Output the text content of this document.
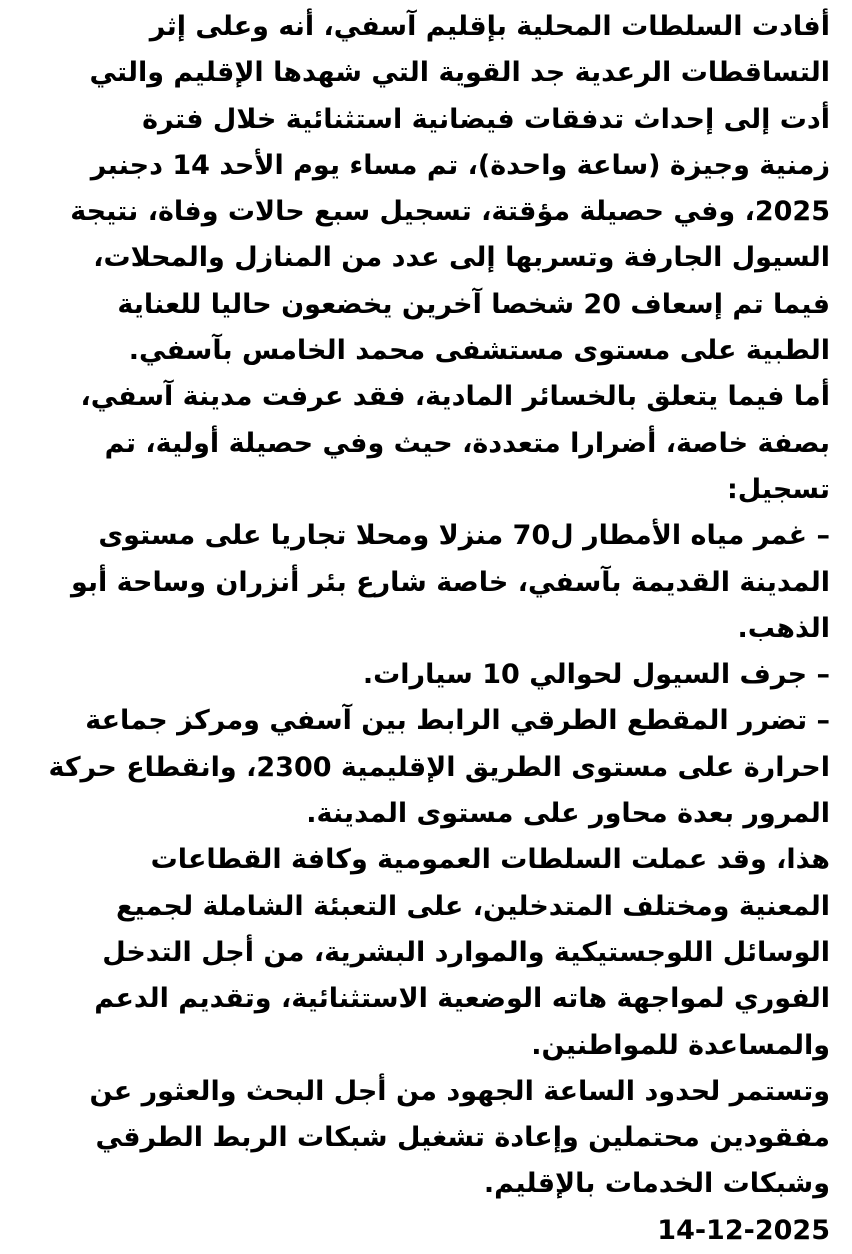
أفادت السلطات المحلية بإقليم آسفي، أنه وعلى إثر
التساقطات الرعدية جد القوية التي شهدها الإقليم والتي
أدت إلى إحداث تدفقات فيضانية استثنائية خلال فترة
زمنية وجيزة (ساعة واحدة)، تم مساء يوم الأحد 14 دجنبر
2025، وفي حصيلة مؤقتة، تسجيل سبع حالات وفاة، نتيجة
السيول الجارفة وتسربها إلى عدد من المنازل والمحلات،
فيما تم إسعاف 20 شخصا آخرين يخضعون حاليا للعناية
الطبية على مستوى مستشفى محمد الخامس بآسفي.

أما فيما يتعلق بالخسائر المادية، فقد عرفت مدينة آسفي،
بصفة خاصة، أضرارا متعددة، حيث وفي حصيلة أولية، تم
تسجيل:

– غمر مياه الأمطار ل70 منزلا ومحلا تجاريا على مستوى
المدينة القديمة بآسفي، خاصة شارع بئر أنزران وساحة أبو
الذهب.

– جرف السيول لحوالي 10 سيارات.

– تضرر المقطع الطرقي الرابط بين آسفي ومركز جماعة
احرارة على مستوى الطريق الإقليمية 2300، وانقطاع حركة
المرور بعدة محاور على مستوى المدينة.

هذا، وقد عملت السلطات العمومية وكافة القطاعات
المعنية ومختلف المتدخلين، على التعبئة الشاملة لجميع
الوسائل اللوجستيكية والموارد البشرية، من أجل التدخل
الفوري لمواجهة هاته الوضعية الاستثنائية، وتقديم الدعم
والمساعدة للمواطنين.

وتستمر لحدود الساعة الجهود من أجل البحث والعثور عن
مفقودين محتملين وإعادة تشغيل شبكات الربط الطرقي
وشبكات الخدمات بالإقليم.

14-12-2025
